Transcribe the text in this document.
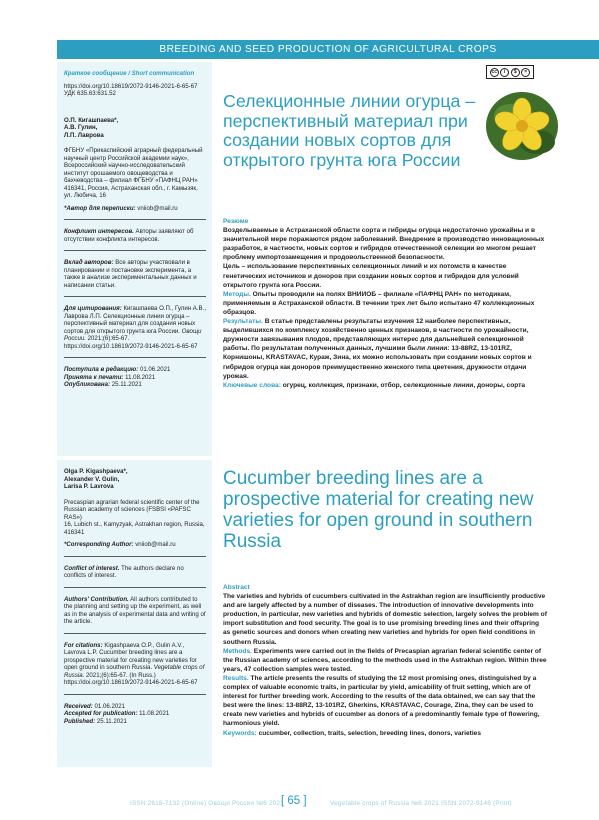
BREEDING AND SEED PRODUCTION OF AGRICULTURAL CROPS

Краткое сообщение / Short communication

https://doi.org/10.18619/2072-9146-2021-6-65-67

УДК 635.63:631.52

О.П. Кигашпаева*,
А.В. Гулин,
Л.П. Лаврова

ФГБНУ «Прикаспийский аграрный федеральный научный центр Российской академии наук», Всероссийский научно-исследовательский институт орошаемого овощеводства и бахчеводства – филиал ФГБНУ «ПАФНЦ РАН»

416341, Россия, Астраханская обл., г. Камызяк, ул. Любича, 16

*Автор для переписки: vniiob@mail.ru

Конфликт интересов. Авторы заявляют об отсутствии конфликта интересов.

Вклад авторов: Все авторы участвовали в планировании и постановке эксперимента, а также в анализе экспериментальных данных и написании статьи.

Для цитирования: Кигашпаева О.П., Гулин А.В., Лаврова Л.П. Селекционные линии огурца – перспективный материал для создания новых сортов для открытого грунта юга России. Овощи России. 2021;(6):65-67. https://doi.org/10.18619/2072-9146-2021-6-65-67

Поступила в редакцию: 01.06.2021
Принята к печати: 11.08.2021
Опубликована: 25.11.2021

Olga P. Kigashpaeva*,
Alexander V. Gulin,
Larisa P. Lavrova

Precaspian agrarian federal scientific center of the Russian academy of sciences (FSBSI «PAFSC RAS»)

16, Lubich st., Kamyzyak, Astrakhan region, Russia, 416341

*Corresponding Author: vniiob@mail.ru

Conflict of interest. The authors declare no conflicts of interest.

Authors' Contribution. All authors contributed to the planning and setting up the experiment, as well as in the analysis of experimental data and writing of the article.

For citations: Kigashpaeva O.P., Gulin A.V., Lavrova L.P. Cucumber breeding lines are a prospective material for creating new varieties for open ground in southern Russia. Vegetable crops of Russia. 2021;(6):65-67. (In Russ.) https://doi.org/10.18619/2072-9146-2021-6-65-67

Received: 01.06.2021
Accepted for publication: 11.08.2021
Published: 25.11.2021

cc	i	$	=
Селекционные линии огурца – перспективный материал при создании новых сортов для открытого грунта юга России

Резюме

Возделываемые в Астраханской области сорта и гибриды огурца недостаточно урожайны и в значительной мере поражаются рядом заболеваний. Внедрение в производство инновационных разработок, в частности, новых сортов и гибридов отечественной селекции во многом решает проблему импортозамещения и продовольственной безопасности.

Цель – использование перспективных селекционных линий и их потомств в качестве генетических источников и доноров при создании новых сортов и гибридов для условий открытого грунта юга России.

Методы. Опыты проводили на полях ВНИИОБ – филиале «ПАФНЦ РАН» по методикам, применяемым в Астраханской области. В течении трех лет было испытано 47 коллекционных образцов.

Результаты. В статье представлены результаты изучения 12 наиболее перспективных, выделившихся по комплексу хозяйственно ценных признаков, в частности по урожайности, дружности завязывания плодов, представляющих интерес для дальнейшей селекционной работы. По результатам полученных данных, лучшими были линии: 13-88RZ, 13-101RZ, Корнишоны, KRASTAVAC, Кураж, Зина, их можно использовать при создании новых сортов и гибридов огурца как доноров преимущественно женского типа цветения, дружности отдачи урожая.

Ключевые слова: огурец, коллекция, признаки, отбор, селекционные линии, доноры, сорта

Cucumber breeding lines are a prospective material for creating new varieties for open ground in southern Russia

Abstract

The varieties and hybrids of cucumbers cultivated in the Astrakhan region are insufficiently productive and are largely affected by a number of diseases. The introduction of innovative developments into production, in particular, new varieties and hybrids of domestic selection, largely solves the problem of import substitution and food security. The goal is to use promising breeding lines and their offspring as genetic sources and donors when creating new varieties and hybrids for open field conditions in southern Russia.

Methods. Experiments were carried out in the fields of Precaspian agrarian federal scientific center of the Russian academy of sciences, according to the methods used in the Astrakhan region. Within three years, 47 collection samples were tested.

Results. The article presents the results of studying the 12 most promising ones, distinguished by a complex of valuable economic traits, in particular by yield, amicability of fruit setting, which are of interest for further breeding work. According to the results of the data obtained, we can say that the best were the lines: 13-88RZ, 13-101RZ, Gherkins, KRASTAVAC, Courage, Zina, they can be used to create new varieties and hybrids of cucumber as donors of a predominantly female type of flowering, harmonious yield.

Keywords: cucumber, collection, traits, selection, breeding lines, donors, varieties

ISSN 2618-7132 (Online) Овощи России №6 2021
[ 65 ]	Vegetable crops of Russia №6 2021 ISSN 2072-9146 (Print)
